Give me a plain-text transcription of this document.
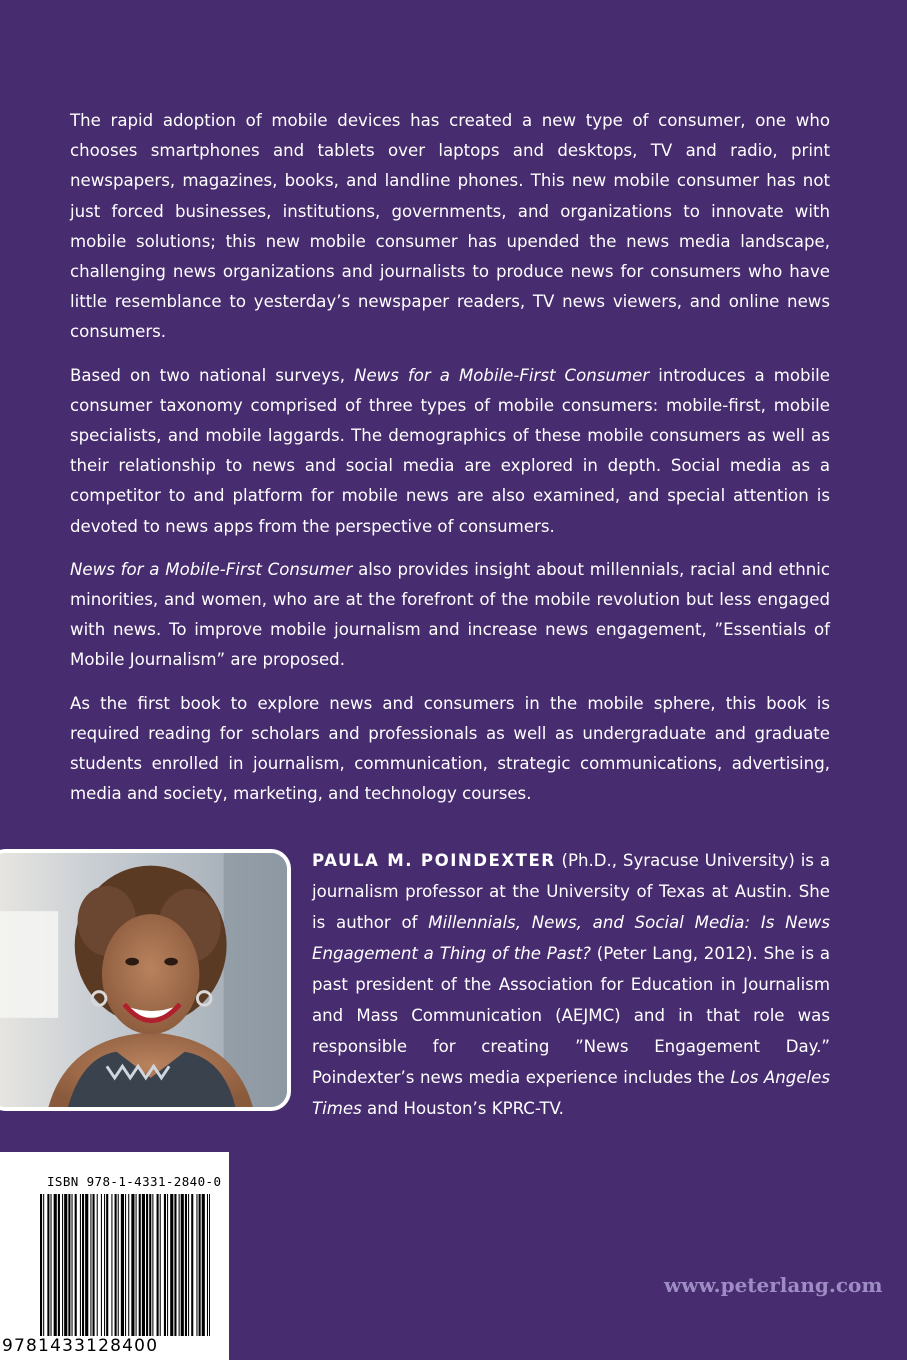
The rapid adoption of mobile devices has created a new type of consumer, one who chooses smartphones and tablets over laptops and desktops, TV and radio, print newspapers, magazines, books, and landline phones. This new mobile consumer has not just forced businesses, institutions, governments, and organizations to innovate with mobile solutions; this new mobile consumer has upended the news media landscape, challenging news organizations and journalists to produce news for consumers who have little resemblance to yesterday’s newspaper readers, TV news viewers, and online news consumers.

Based on two national surveys, News for a Mobile-First Consumer introduces a mobile consumer taxonomy comprised of three types of mobile consumers: mobile-first, mobile specialists, and mobile laggards. The demographics of these mobile consumers as well as their relationship to news and social media are explored in depth. Social media as a competitor to and platform for mobile news are also examined, and special attention is devoted to news apps from the perspective of consumers.

News for a Mobile-First Consumer also provides insight about millennials, racial and ethnic minorities, and women, who are at the forefront of the mobile revolution but less engaged with news. To improve mobile journalism and increase news engagement, ”Essentials of Mobile Journalism” are proposed.

As the first book to explore news and consumers in the mobile sphere, this book is required reading for scholars and professionals as well as undergraduate and graduate students enrolled in journalism, communication, strategic communications, advertising, media and society, marketing, and technology courses.

PAULA M. POINDEXTER (Ph.D., Syracuse University) is a journalism professor at the University of Texas at Austin. She is author of Millennials, News, and Social Media: Is News Engagement a Thing of the Past? (Peter Lang, 2012). She is a past president of the Association for Education in Journalism and Mass Communication (AEJMC) and in that role was responsible for creating ”News Engagement Day.” Poindexter’s news media experience includes the Los Angeles Times and Houston’s KPRC-TV.
ISBN 978-1-4331-2840-0
9781433128400
www.peterlang.com
